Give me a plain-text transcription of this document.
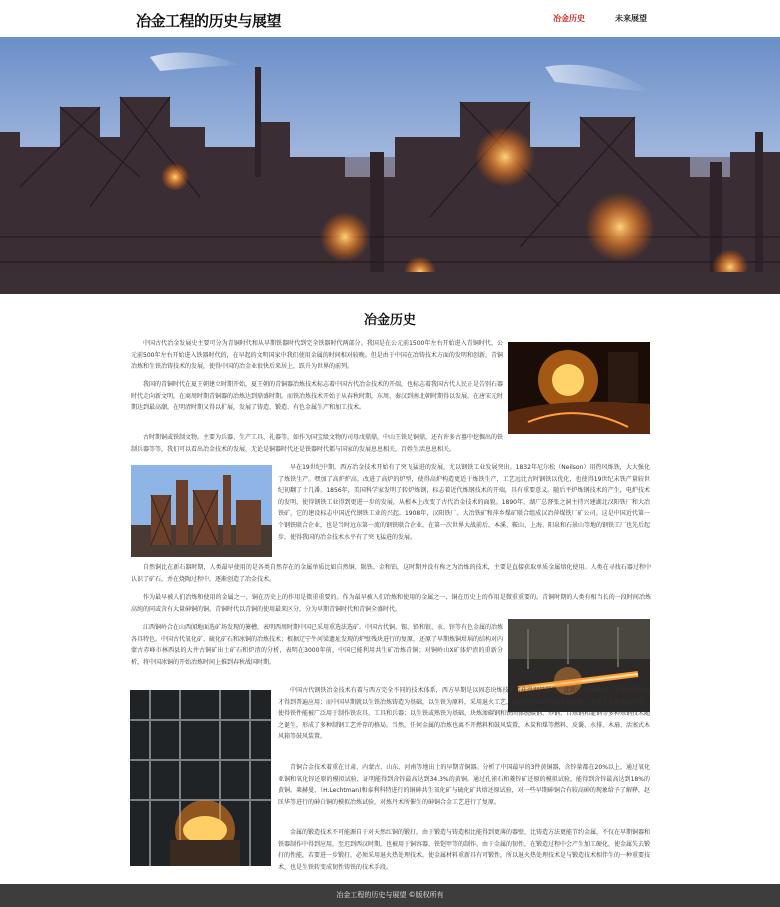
冶金工程的历史与展望	冶金历史	未来展望
冶金历史

中国古代冶金发展史主要可分为青铜时代和从早期铁器时代到完全铁器时代两部分。我国是在公元前1500年左右开始进入青铜时代，公元前500年左右开始进入铁器时代的，在早起的文明国家中我们使用金属的时间相对较晚。但是由于中国在冶铸技术方面的发明和创新，青铜冶炼和生铁冶铸技术的发展，使得中国的冶金业很快后来居上，跃升为世界的前列。

我国的青铜时代在夏王朝建立时期开始，夏王朝的青铜器冶炼技术标志着中国古代冶金技术的开端，也标志着我国古代人民正是告别石器时代走向新文明，在商周时期青铜器的冶炼达到鼎盛时期。而铁冶炼技术开始于从春秋时期，东周、秦汉到南北朝时期得以发展，在唐宋元时期达到最高潮，在明清时期又得以扩展，发展了铸造、锻造、有色金属生产和加工技术。

古时期铜或铁制文物，主要为兵器、生产工具、礼器等，如作为国宝级文物的司母戊鼎鼎，中山王铁足铜鼎，还有许多古墓中挖掘出的铁制兵器等等，我们可以看出冶金技术的发展，无论是铜器时代还是铁器时代都与国家的发展息息相关，百姓生活息息相关。

早在19世纪中期，西方冶金技术开始有了突飞猛进的发展，尤以钢铁工业发展突出。1832年尼尔松（Neilson）用热风炼铁，大大强化了炼铁生产。嘿加了高炉炉高，改进了高炉的炉型，使得高炉构造更适于炼铁生产，工艺远比古时钢铁以优化，也使得19世纪末铁产量较世纪初翻了十几番。1856年，美国科学家发明了转炉炼钢，标志着近代炼钢技术的开端，具有重要意义。随后平炉炼钢技术的产生，电炉技术的发明，使得钢铁工业得到更进一步的发展，从根本上改变了古代冶金技术的面貌。1890年，湖广总督张之洞主持兴建湖北汉阳铁厂和大冶铁矿，它的建设标志中国近代钢铁工业的兴起。1908年，汉阳铁厂、大冶铁矿和萍乡煤矿联合组成汉冶萍煤铁厂矿公司。这是中国近代第一个钢铁联合企业，也是当时远东第一流的钢铁联合企业。在第一次世界大战前后，本溪、鞍山、上海、阳泉和石景山等地的钢铁工厂也先后起步，使得我国的冶金技术水平有了突飞猛进的发展。

自然铜比在新石器时期，人类最早使用的是各类自然存在的金属单质比如自然铜、陨铁、金和铂，这时期并没有称之为冶炼的技术，主要是直接获取单质金属熔化使用。人类在寻找石器过程中认识了矿石，并在烧陶过程中，逐渐创造了冶金技术。

作为最早被人们冶炼和使用的金属之一，铜在历史上的作用是微重重要的。作为最早被人们冶炼和使用的金属之一，铜在历史上的作用是微重重要的。青铜时期的人类有相当长的一段时间冶炼高纯的同或含有大量砷铜的铜。青铜时代以青铜的使用最来区分，分为早期青铜时代和青铜全盛时代。

江西铜岭合在山西闻地面选矿场发现的篓槽，表明西周时期中国已采用重选法选矿。中国古代铜、锡、铅和银、汞、锌等有色金属的冶炼各具特色。中国古代氧化矿、硫化矿石和冰铜的冶炼技术；根据辽宁牛河梁遗址发现的炉壁残块进行的复原，还原了早期炼铜坩埚的结构对内蒙古赤峰市林西县的大井古铜矿出土矿石和炉渣的分析，表明在3000年前，中国已能利用共生矿冶炼青铜；对铜岭山X矿体炉渣的重新分析，将中国冰铜的开始冶炼时间上推到春秋战国时期。

中国古代钢铁冶金技术有着与西方完全不同的技术体系，西方早期是以固态块炼技锻造获得钢铁制件，直到公元14世纪，生铁冶铸技术才得到普遍应用；而中国早期就以生铁冶炼铸造为基础，以生铁为原料，采用退火工艺，得到可锻铸铁和球墨铸铁件，改善了生铁件的脆性，使得铁件能被广泛用于制作铁农具、工具和兵器；以生铁或熟铁为基础，块炼渗碳钢和铁固体脱碳钢、炒钢、百炼钢和灌钢等多种炼钢技术随之诞生，形成了多种制钢工艺并存的格局。当然，任何金属的冶炼也离不开燃料和鼓风装置，木炭和煤等燃料，皮囊、水排、木扇、活塞式木风箱等鼓风装置。

青铜合金技术着重在甘肃、内蒙古、山东、河南等地出土的早期青铜器。分析了中国最早的3件黄铜器，含锌量都在20%以上，通过氧化亚铜和氧化锌还原的模拟试验，证明能得到含锌最高达到34.3%的黄铜。通过孔雀石和菱锌矿还原的模拟试验，能得到含锌最高达到18%的黄铜。莱赫曼、（H.Lechtman)和泰利科特进行的铜砷共生氧化矿与硫化矿共熔还原试验，对一些早期砷铜合有较高砷的现象给予了解释，赵匡华等进行的砷白铜的模拟冶炼试验，对炼丹术所催生的砷铜合金工艺进行了复原。

金属的锻造技术不可能源自于对天然红铜的锻打，由于锻造与铸造相比能得到更薄的器壁，比铸造方法更能节约金属，不仅在早期铜器和铁器制作中得到应用，至迟到西汉时期，也被用于铜容器、铁铠甲等的制作。由于金属的韧性，在锻造过程中会产生加工硬化，使金属失去锻打的性能，若要进一步锻打，必须采用退火热处理技术，使金属材料重新具有可锻性，所以退火热处理技术是与锻造技术相伴生的一种重要技术，也是生铁转变成韧性铸铁的技术手段。

冶金工程的历史与展望 ©版权所有
